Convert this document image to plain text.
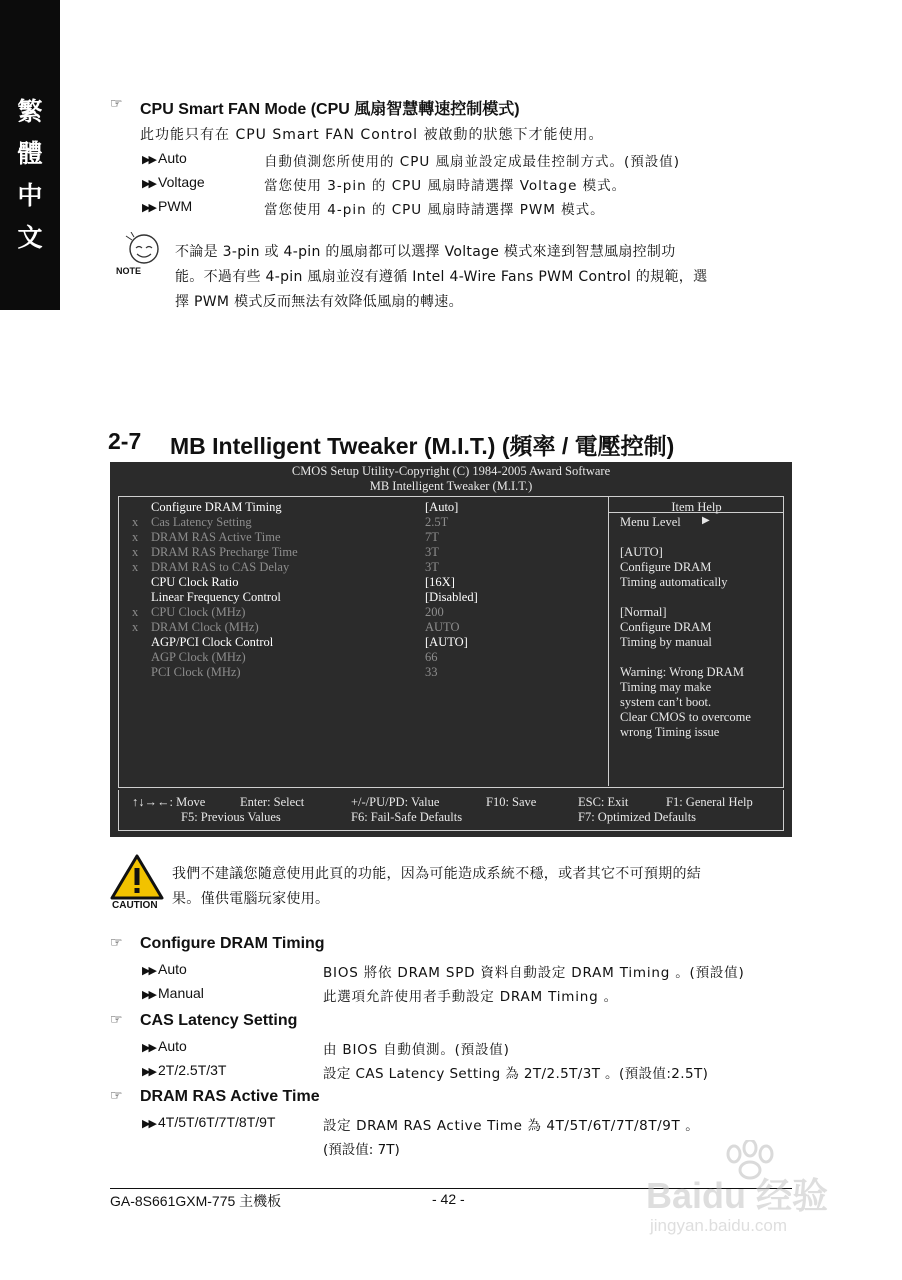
繁
體
中
文
☞ CPU Smart FAN Mode (CPU 風扇智慧轉速控制模式)
此功能只有在 CPU Smart FAN Control 被啟動的狀態下才能使用。
▶▶ Auto	自動偵測您所使用的 CPU 風扇並設定成最佳控制方式。(預設值)
▶▶ Voltage	當您使用 3-pin 的 CPU 風扇時請選擇 Voltage 模式。
▶▶ PWM	當您使用 4-pin 的 CPU 風扇時請選擇 PWM 模式。
NOTE
不論是 3-pin 或 4-pin 的風扇都可以選擇 Voltage 模式來達到智慧風扇控制功
能。不過有些 4-pin 風扇並沒有遵循 Intel 4-Wire Fans PWM Control 的規範，選
擇 PWM 模式反而無法有效降低風扇的轉速。
2-7 MB Intelligent Tweaker (M.I.T.) (頻率 / 電壓控制)
CMOS Setup Utility-Copyright (C) 1984-2005 Award Software
MB Intelligent Tweaker (M.I.T.)
Configure DRAM Timing	[Auto]
x Cas Latency Setting	2.5T
x DRAM RAS Active Time	7T
x DRAM RAS Precharge Time	3T
x DRAM RAS to CAS Delay	3T
CPU Clock Ratio	[16X]
Linear Frequency Control	[Disabled]
x CPU Clock (MHz)	200
x DRAM Clock (MHz)	AUTO
AGP/PCI Clock Control	[AUTO]
AGP Clock (MHz)	66
PCI Clock (MHz)	33
Item Help
Menu Level
[AUTO]
Configure DRAM
Timing automatically
[Normal]
Configure DRAM
Timing by manual
Warning: Wrong DRAM
Timing may make
system can’t boot.
Clear CMOS to overcome
wrong Timing issue
▶
↑↓→←: Move	Enter: Select	+/-/PU/PD: Value	F10: Save	ESC: Exit	F1: General Help
F5: Previous Values	F6: Fail-Safe Defaults	F7: Optimized Defaults
CAUTION
我們不建議您隨意使用此頁的功能，因為可能造成系統不穩，或者其它不可預期的結
果。僅供電腦玩家使用。
☞ Configure DRAM Timing
▶▶ Auto	BIOS 將依 DRAM SPD 資料自動設定 DRAM Timing 。(預設值)
▶▶ Manual	此選項允許使用者手動設定 DRAM Timing 。
☞ CAS Latency Setting
▶▶ Auto	由 BIOS 自動偵測。(預設值)
▶▶ 2T/2.5T/3T	設定 CAS Latency Setting 為 2T/2.5T/3T 。(預設值:2.5T)
☞ DRAM RAS Active Time
▶▶ 4T/5T/6T/7T/8T/9T	設定 DRAM RAS Active Time 為 4T/5T/6T/7T/8T/9T 。
(預設值: 7T)
GA-8S661GXM-775 主機板	- 42 -	Baidu 经验
jingyan.baidu.com
